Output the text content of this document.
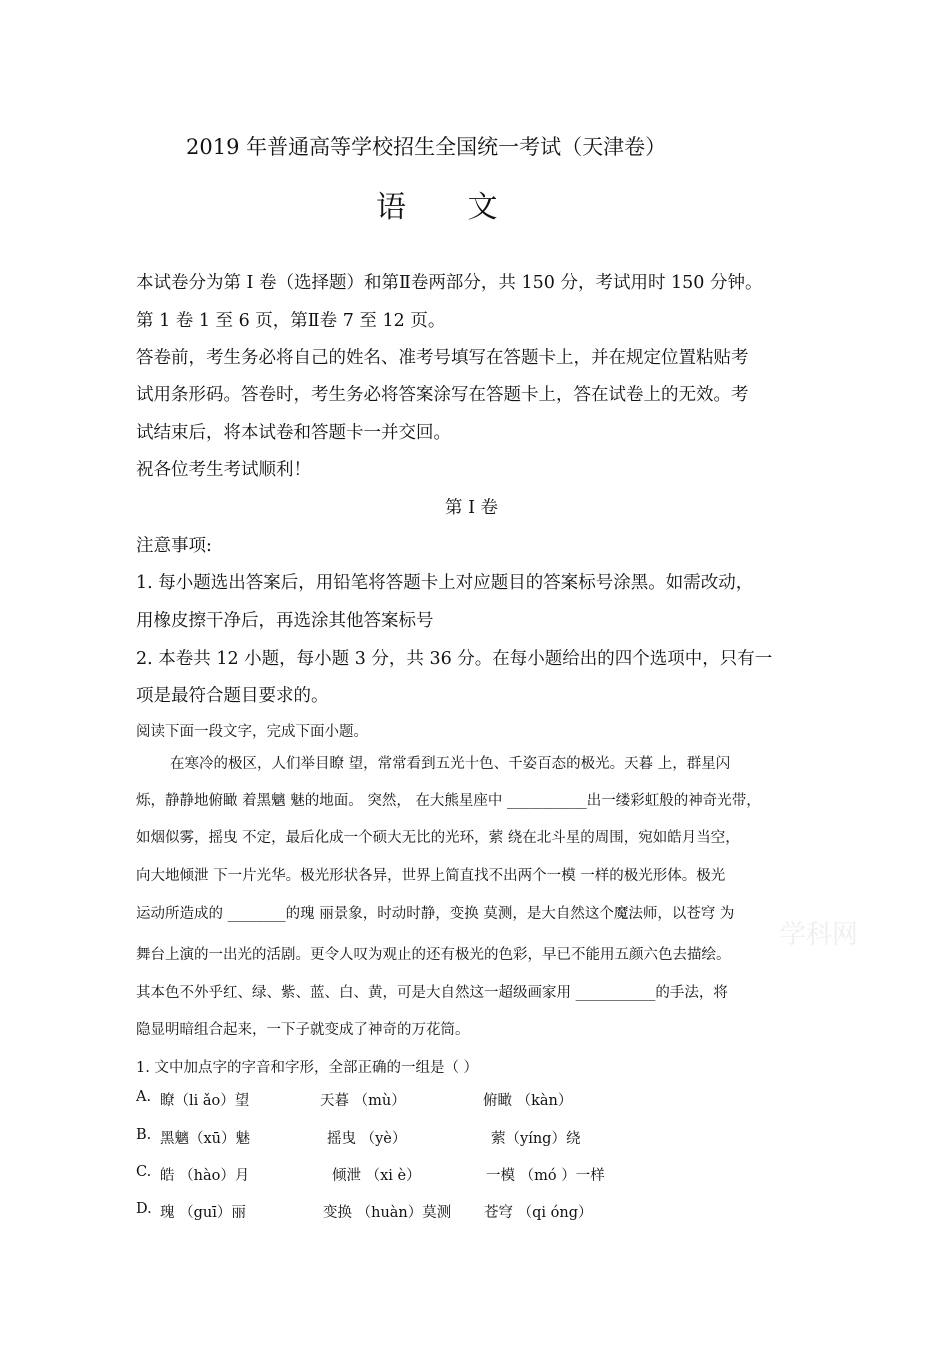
2019 年普通高等学校招生全国统一考试（天津卷）
语 文
本试卷分为第 Ⅰ 卷（选择题）和第Ⅱ卷两部分，共 150 分，考试用时 150 分钟。
第 1 卷 1 至 6 页，第Ⅱ卷 7 至 12 页。
答卷前，考生务必将自己的姓名、准考号填写在答题卡上，并在规定位置粘贴考
试用条形码。答卷时，考生务必将答案涂写在答题卡上，答在试卷上的无效。考
试结束后，将本试卷和答题卡一并交回。
祝各位考生考试顺利！
第 Ⅰ 卷
注意事项:
1. 每小题选出答案后，用铅笔将答题卡上对应题目的答案标号涂黑。如需改动，
用橡皮擦干净后，再选涂其他答案标号
2. 本卷共 12 小题，每小题 3 分，共 36 分。在每小题给出的四个选项中，只有一
项是最符合题目要求的。
阅读下面一段文字，完成下面小题。
在寒冷的极区，人们举目瞭 望，常常看到五光十色、千姿百态的极光。天暮 上，群星闪
烁，静静地俯瞰 着黑魑 魅的地面。 突然， 在大熊星座中 ___________出一缕彩虹般的神奇光带，
如烟似雾，摇曳 不定，最后化成一个硕大无比的光环，萦 绕在北斗星的周围，宛如皓月当空，
向大地倾泄 下一片光华。极光形状各异，世界上简直找不出两个一模 一样的极光形体。极光
运动所造成的 ________的瑰 丽景象，时动时静，变换 莫测，是大自然这个魔法师，以苍穹 为
舞台上演的一出光的活剧。更令人叹为观止的还有极光的色彩，早已不能用五颜六色去描绘。
其本色不外乎红、绿、紫、蓝、白、黄，可是大自然这一超级画家用 ___________的手法，将
隐显明暗组合起来，一下子就变成了神奇的万花筒。
1. 文中加点字的字音和字形，全部正确的一组是（ ）
A. 瞭（li ǎo）望	天暮 （mù）	俯瞰 （kàn）
B. 黑魑（xū）魅	摇曳 （yè）	萦（yíng）绕
C. 皓 （hào）月	倾泄 （xi è）	一模 （mó ）一样
D. 瑰 （guī）丽	变换 （huàn）莫测 苍穹 （qi óng）
学科网
